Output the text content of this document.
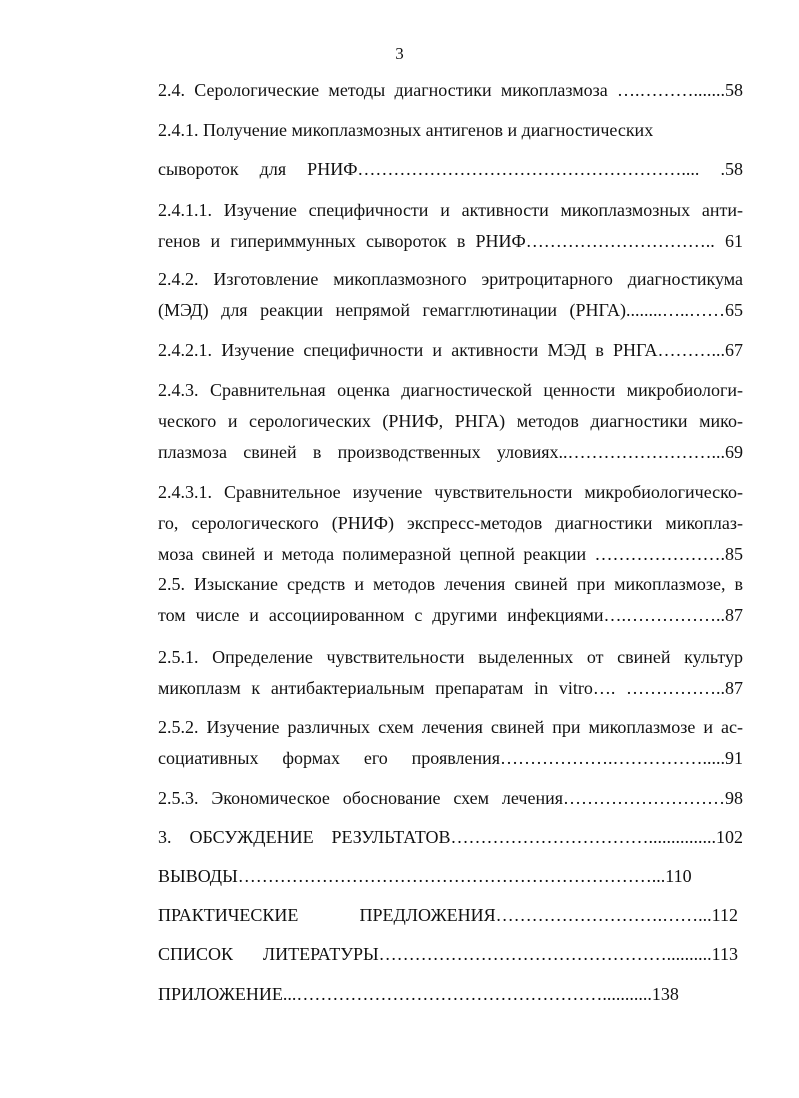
3
2.4. Серологические методы диагностики микоплазмоза ….……….......58
2.4.1. Получение микоплазмозных антигенов и диагностических
сывороток для РНИФ……………………………………………….... .58
2.4.1.1. Изучение специфичности и активности микоплазмозных анти-
генов и гипериммунных сывороток в РНИФ………………………….. 61
2.4.2. Изготовление микоплазмозного эритроцитарного диагностикума
(МЭД) для реакции непрямой гемагглютинации (РНГА)........…..……65
2.4.2.1. Изучение специфичности и активности МЭД в РНГА………...67
2.4.3. Сравнительная оценка диагностической ценности микробиологи-
ческого и серологических (РНИФ, РНГА) методов диагностики мико-
плазмоза свиней в производственных уловиях..……………………...69
2.4.3.1. Сравнительное изучение чувствительности микробиологическо-
го, серологического (РНИФ) экспресс-методов диагностики микоплаз-
моза свиней и метода полимеразной цепной реакции ………………….85
2.5. Изыскание средств и методов лечения свиней при микоплазмозе, в
том числе и ассоциированном с другими инфекциями….……………..87
2.5.1. Определение чувствительности выделенных от свиней культур
микоплазм к антибактериальным препаратам in vitro…. ……………..87
2.5.2. Изучение различных схем лечения свиней при микоплазмозе и ас-
социативных формах его проявления……………….…………….....91
2.5.3. Экономическое обоснование схем лечения………………………98
3. ОБСУЖДЕНИЕ РЕЗУЛЬТАТОВ……………………………...............102
ВЫВОДЫ……………………………………………………………...110
ПРАКТИЧЕСКИЕ ПРЕДЛОЖЕНИЯ……………………….……...112
СПИСОК ЛИТЕРАТУРЫ…………………………………………..........113
ПРИЛОЖЕНИЕ...……………………………………………...........138
